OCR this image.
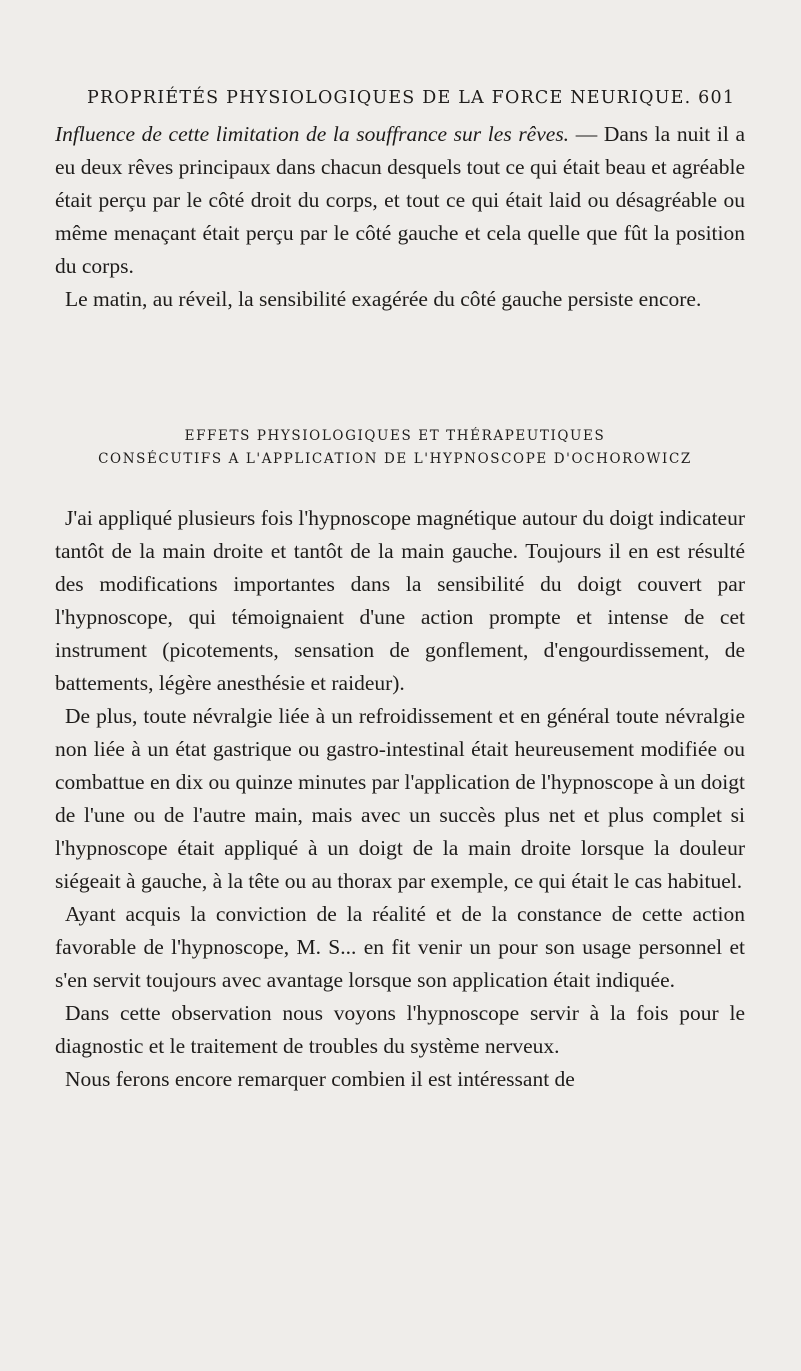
PROPRIÉTÉS PHYSIOLOGIQUES DE LA FORCE NEURIQUE. 601

Influence de cette limitation de la souffrance sur les rêves. — Dans la nuit il a eu deux rêves principaux dans chacun desquels tout ce qui était beau et agréable était perçu par le côté droit du corps, et tout ce qui était laid ou désagréable ou même menaçant était perçu par le côté gauche et cela quelle que fût la position du corps.

Le matin, au réveil, la sensibilité exagérée du côté gauche persiste encore.

EFFETS PHYSIOLOGIQUES ET THÉRAPEUTIQUES
CONSÉCUTIFS A L'APPLICATION DE L'HYPNOSCOPE D'OCHOROWICZ

J'ai appliqué plusieurs fois l'hypnoscope magnétique autour du doigt indicateur tantôt de la main droite et tantôt de la main gauche. Toujours il en est résulté des modifications importantes dans la sensibilité du doigt couvert par l'hypnoscope, qui témoignaient d'une action prompte et intense de cet instrument (picotements, sensation de gonflement, d'engourdissement, de battements, légère anesthésie et raideur).

De plus, toute névralgie liée à un refroidissement et en général toute névralgie non liée à un état gastrique ou gastro-intestinal était heureusement modifiée ou combattue en dix ou quinze minutes par l'application de l'hypnoscope à un doigt de l'une ou de l'autre main, mais avec un succès plus net et plus complet si l'hypnoscope était appliqué à un doigt de la main droite lorsque la douleur siégeait à gauche, à la tête ou au thorax par exemple, ce qui était le cas habituel.

Ayant acquis la conviction de la réalité et de la constance de cette action favorable de l'hypnoscope, M. S... en fit venir un pour son usage personnel et s'en servit toujours avec avantage lorsque son application était indiquée.

Dans cette observation nous voyons l'hypnoscope servir à la fois pour le diagnostic et le traitement de troubles du système nerveux.

Nous ferons encore remarquer combien il est intéressant de
